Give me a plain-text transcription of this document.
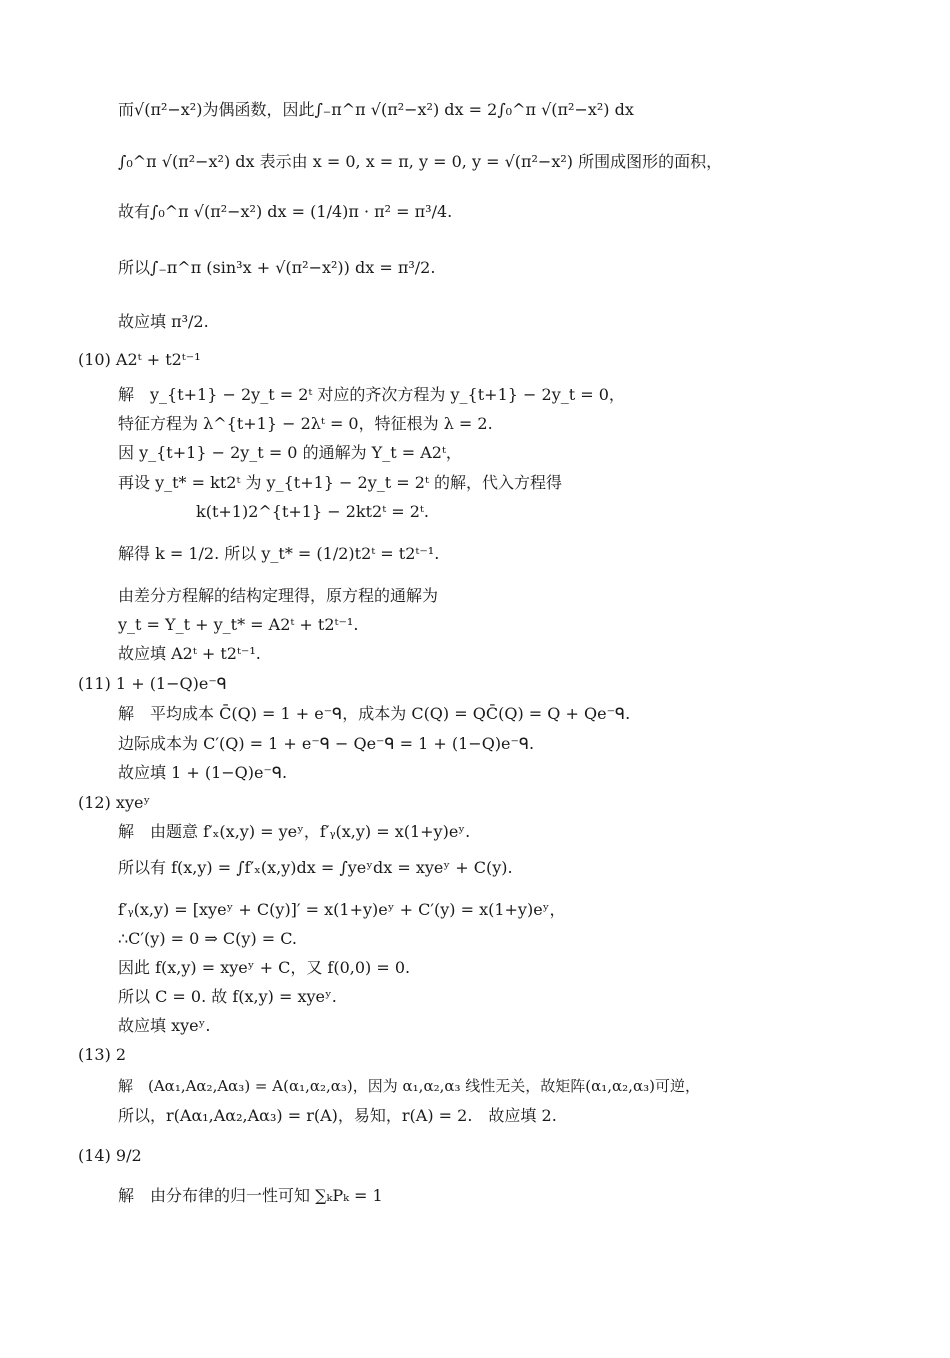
而√(π²−x²)为偶函数，因此∫₋π^π √(π²−x²) dx = 2∫₀^π √(π²−x²) dx
∫₀^π √(π²−x²) dx 表示由 x = 0, x = π, y = 0, y = √(π²−x²) 所围成图形的面积，
故有∫₀^π √(π²−x²) dx = (1/4)π · π² = π³/4.
所以∫₋π^π (sin³x + √(π²−x²)) dx = π³/2.
故应填 π³/2.
(10) A2ᵗ + t2ᵗ⁻¹
解　y_{t+1} − 2y_t = 2ᵗ 对应的齐次方程为 y_{t+1} − 2y_t = 0，
特征方程为 λ^{t+1} − 2λᵗ = 0，特征根为 λ = 2.
因 y_{t+1} − 2y_t = 0 的通解为 Y_t = A2ᵗ，
再设 y_t* = kt2ᵗ 为 y_{t+1} − 2y_t = 2ᵗ 的解，代入方程得
k(t+1)2^{t+1} − 2kt2ᵗ = 2ᵗ.
解得 k = 1/2. 所以 y_t* = (1/2)t2ᵗ = t2ᵗ⁻¹.
由差分方程解的结构定理得，原方程的通解为
y_t = Y_t + y_t* = A2ᵗ + t2ᵗ⁻¹.
故应填 A2ᵗ + t2ᵗ⁻¹.
(11) 1 + (1−Q)e⁻ᑫ
解　平均成本 C̄(Q) = 1 + e⁻ᑫ，成本为 C(Q) = QC̄(Q) = Q + Qe⁻ᑫ.
边际成本为 C′(Q) = 1 + e⁻ᑫ − Qe⁻ᑫ = 1 + (1−Q)e⁻ᑫ.
故应填 1 + (1−Q)e⁻ᑫ.
(12) xyeʸ
解　由题意 f′ₓ(x,y) = yeʸ，f′ᵧ(x,y) = x(1+y)eʸ.
所以有 f(x,y) = ∫f′ₓ(x,y)dx = ∫yeʸdx = xyeʸ + C(y).
f′ᵧ(x,y) = [xyeʸ + C(y)]′ = x(1+y)eʸ + C′(y) = x(1+y)eʸ，
∴C′(y) = 0 ⇒ C(y) = C.
因此 f(x,y) = xyeʸ + C，又 f(0,0) = 0.
所以 C = 0. 故 f(x,y) = xyeʸ.
故应填 xyeʸ.
(13) 2
解　(Aα₁,Aα₂,Aα₃) = A(α₁,α₂,α₃)，因为 α₁,α₂,α₃ 线性无关，故矩阵(α₁,α₂,α₃)可逆，
所以，r(Aα₁,Aα₂,Aα₃) = r(A)，易知，r(A) = 2.　故应填 2.
(14) 9/2
解　由分布律的归一性可知 ∑ₖPₖ = 1
